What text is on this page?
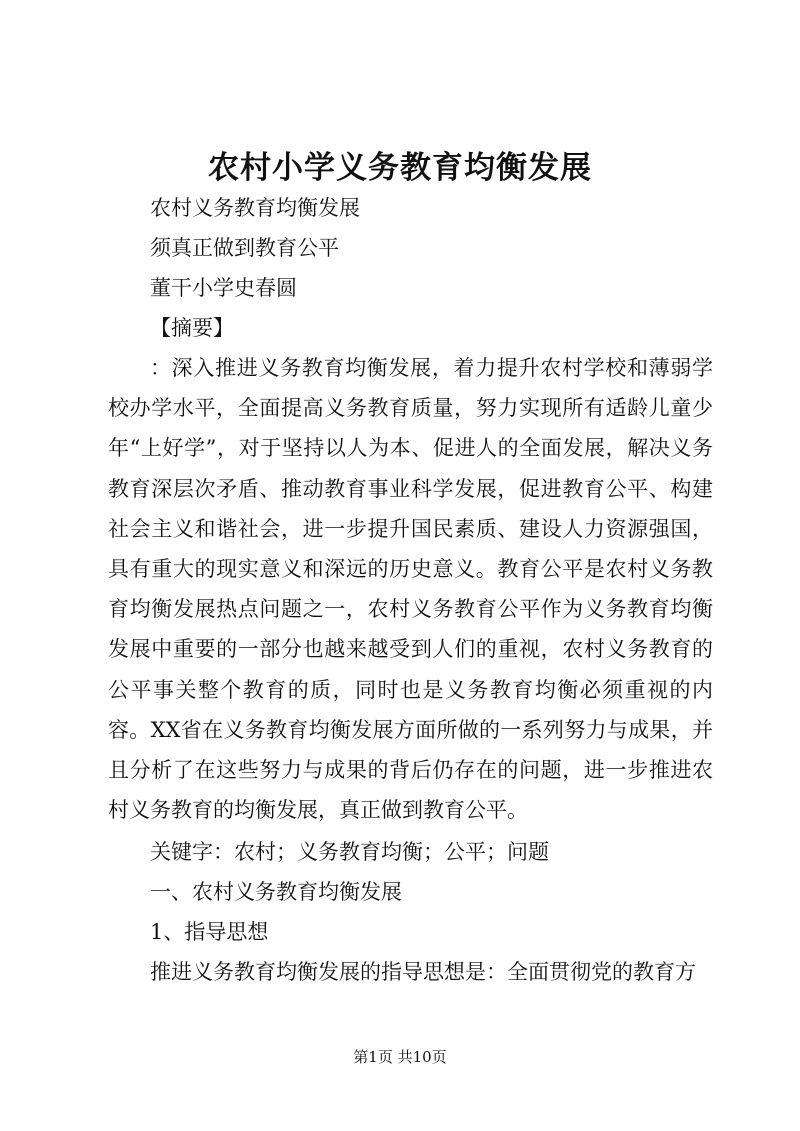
农村小学义务教育均衡发展

农村义务教育均衡发展

须真正做到教育公平

董干小学史春圆

【摘要】

：深入推进义务教育均衡发展，着力提升农村学校和薄弱学校办学水平，全面提高义务教育质量，努力实现所有适龄儿童少年“上好学”，对于坚持以人为本、促进人的全面发展，解决义务教育深层次矛盾、推动教育事业科学发展，促进教育公平、构建社会主义和谐社会，进一步提升国民素质、建设人力资源强国，具有重大的现实意义和深远的历史意义。教育公平是农村义务教育均衡发展热点问题之一，农村义务教育公平作为义务教育均衡发展中重要的一部分也越来越受到人们的重视，农村义务教育的公平事关整个教育的质，同时也是义务教育均衡必须重视的内容。XX省在义务教育均衡发展方面所做的一系列努力与成果，并且分析了在这些努力与成果的背后仍存在的问题，进一步推进农村义务教育的均衡发展，真正做到教育公平。

关键字：农村；义务教育均衡；公平；问题

一、农村义务教育均衡发展

1、指导思想

推进义务教育均衡发展的指导思想是：全面贯彻党的教育方

第1页 共10页
